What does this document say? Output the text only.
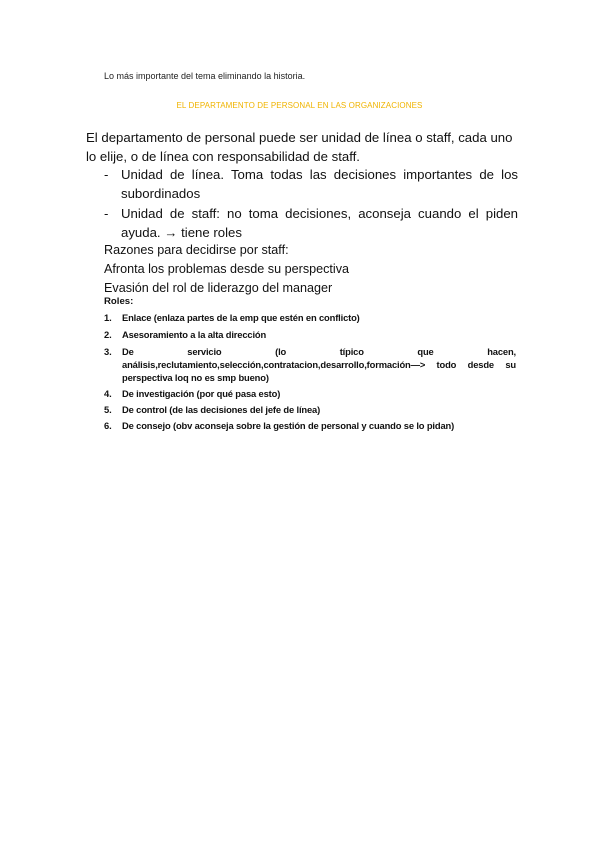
Lo más importante del tema eliminando la historia.
EL DEPARTAMENTO DE PERSONAL EN LAS ORGANIZACIONES
El departamento de personal puede ser unidad de línea o staff, cada uno lo elije, o de línea con responsabilidad de staff.
- Unidad de línea. Toma todas las decisiones importantes de los subordinados
- Unidad de staff: no toma decisiones, aconseja cuando el piden ayuda. → tiene roles
Razones para decidirse por staff:
Afronta los problemas desde su perspectiva
Evasión del rol de liderazgo del manager
Roles:
1.	Enlace (enlaza partes de la emp que estén en conflicto)
2.	Asesoramiento a la alta dirección
3.	De servicio (lo típico que hacen, análisis,reclutamiento,selección,contratacion,desarrollo,formación—> todo desde su perspectiva loq no es smp bueno)
4.	De investigación (por qué pasa esto)
5.	De control (de las decisiones del jefe de línea)
6.	De consejo (obv aconseja sobre la gestión de personal y cuando se lo pidan)
